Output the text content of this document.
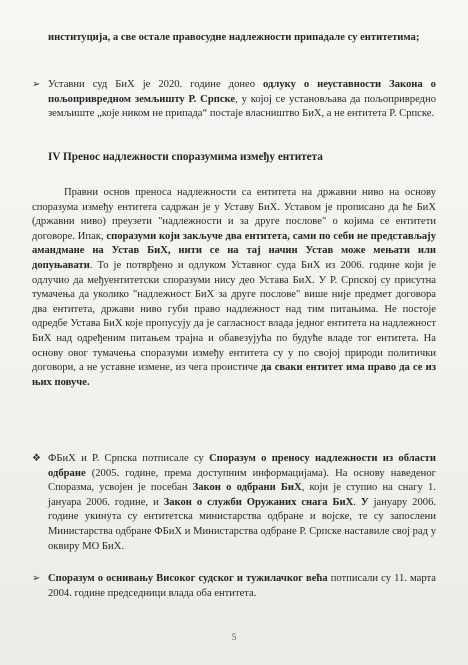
институција, а све остале правосудне надлежности припадале су ентитетима;

➢ Уставни суд БиХ је 2020. године донео одлуку о неуставности Закона о пољопривредном земљишту Р. Српске, у којој се установљава да пољопривредно земљиште „које ником не припада“ постаје власништво БиХ, а не ентитета Р. Српске.

IV Пренос надлежности споразумима између ентитета

Правни основ преноса надлежности са ентитета на државни ниво на основу споразума између ентитета садржан је у Уставу БиХ. Уставом је прописано да ће БиХ (државни ниво) преузети "надлежности и за друге послове" о којима се ентитети договоре. Ипак, споразуми који закључе два ентитета, сами по себи не представљају амандмане на Устав БиХ, нити се на тај начин Устав може мењати или допуњавати. То је потврђено и одлуком Уставног суда БиХ из 2006. године који је одлучио да међуентитетски споразуми нису део Устава БиХ. У Р. Српској су присутна тумачења да уколико "надлежност БиХ за друге послове" више није предмет договора два ентитета, држави ниво губи право надлежност над тим питањима. Не постоје одредбе Устава БиХ које пропусују да је сагласност влада једног ентитета на надлежност БиХ над одређеним питањем трајна и обавезујућа по будуће владе тог ентитета. На основу овог тумачења споразуми између ентитета су у по својој природи политички договори, а не уставне измене, из чега проистиче да сваки ентитет има право да се из њих повуче.

❖ ФБиХ и Р. Српска потписале су Споразум о преносу надлежности из области одбране (2005. године, према доступним информацијама). На основу наведеног Споразма, усвојен је посебан Закон о одбрани БиХ, који је ступио на снагу 1. јануара 2006. године, и Закон о служби Оружаних снага БиХ. У јануару 2006. године укинута су ентитетска министарства одбране и војске, те су запослени Министарства одбране ФБиХ и Министарства одбране Р. Српске наставиле свој рад у оквиру МО БиХ.

➢ Споразум о оснивању Високог судског и тужилачког већа потписали су 11. марта 2004. године председници влада оба ентитета.

5
